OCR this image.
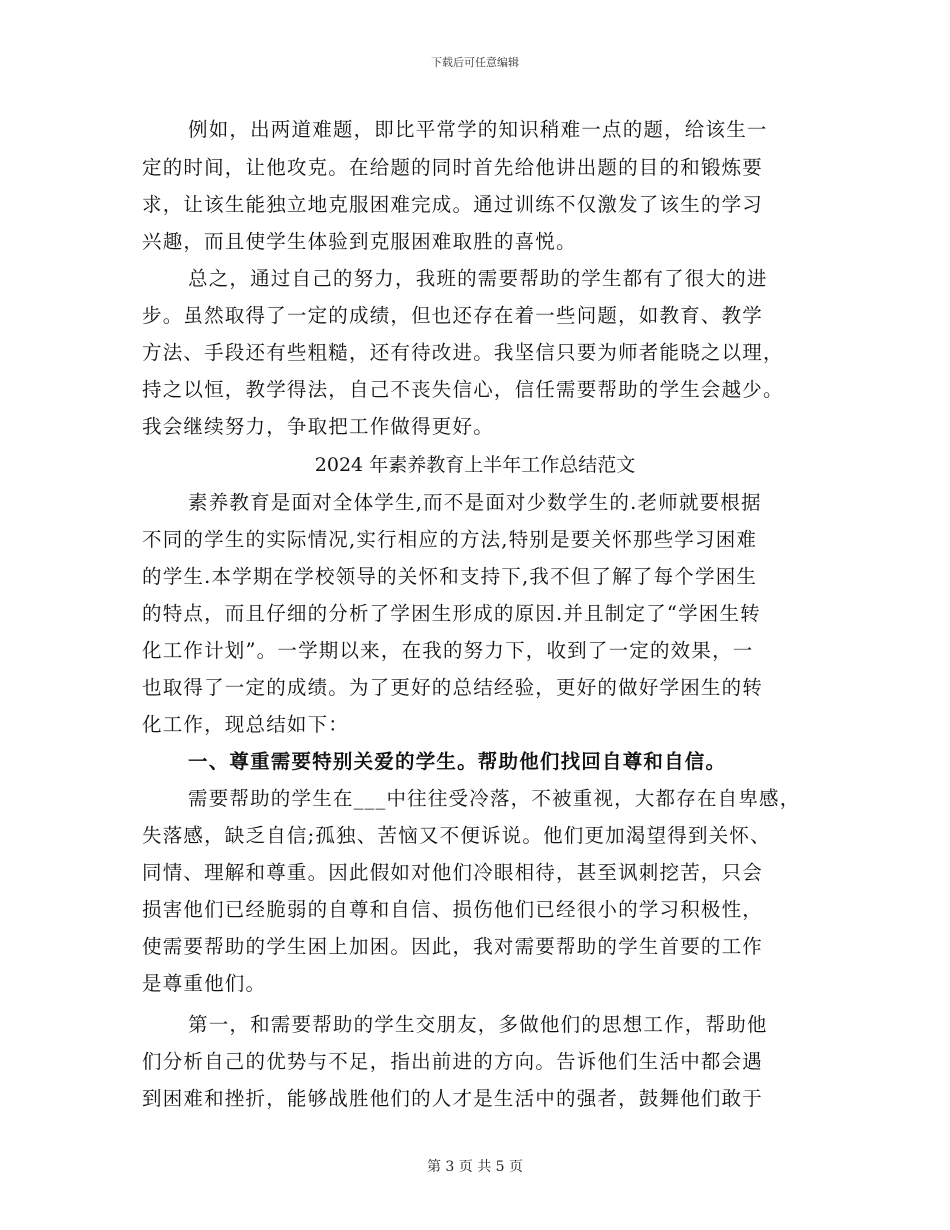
下载后可任意编辑
例如，出两道难题，即比平常学的知识稍难一点的题，给该生一
定的时间，让他攻克。在给题的同时首先给他讲出题的目的和锻炼要
求，让该生能独立地克服困难完成。通过训练不仅激发了该生的学习
兴趣，而且使学生体验到克服困难取胜的喜悦。
总之，通过自己的努力，我班的需要帮助的学生都有了很大的进
步。虽然取得了一定的成绩，但也还存在着一些问题，如教育、教学
方法、手段还有些粗糙，还有待改进。我坚信只要为师者能晓之以理，
持之以恒，教学得法，自己不丧失信心，信任需要帮助的学生会越少。
我会继续努力，争取把工作做得更好。
2024 年素养教育上半年工作总结范文
素养教育是面对全体学生,而不是面对少数学生的.老师就要根据
不同的学生的实际情况,实行相应的方法,特别是要关怀那些学习困难
的学生.本学期在学校领导的关怀和支持下,我不但了解了每个学困生
的特点，而且仔细的分析了学困生形成的原因.并且制定了“学困生转
化工作计划”。一学期以来，在我的努力下，收到了一定的效果，一
也取得了一定的成绩。为了更好的总结经验，更好的做好学困生的转
化工作，现总结如下：
一、尊重需要特别关爱的学生。帮助他们找回自尊和自信。
需要帮助的学生在___中往往受冷落，不被重视，大都存在自卑感，
失落感，缺乏自信;孤独、苦恼又不便诉说。他们更加渴望得到关怀、
同情、理解和尊重。因此假如对他们冷眼相待，甚至讽刺挖苦，只会
损害他们已经脆弱的自尊和自信、损伤他们已经很小的学习积极性，
使需要帮助的学生困上加困。因此，我对需要帮助的学生首要的工作
是尊重他们。
第一，和需要帮助的学生交朋友，多做他们的思想工作，帮助他
们分析自己的优势与不足，指出前进的方向。告诉他们生活中都会遇
到困难和挫折，能够战胜他们的人才是生活中的强者，鼓舞他们敢于
第 3 页 共 5 页
